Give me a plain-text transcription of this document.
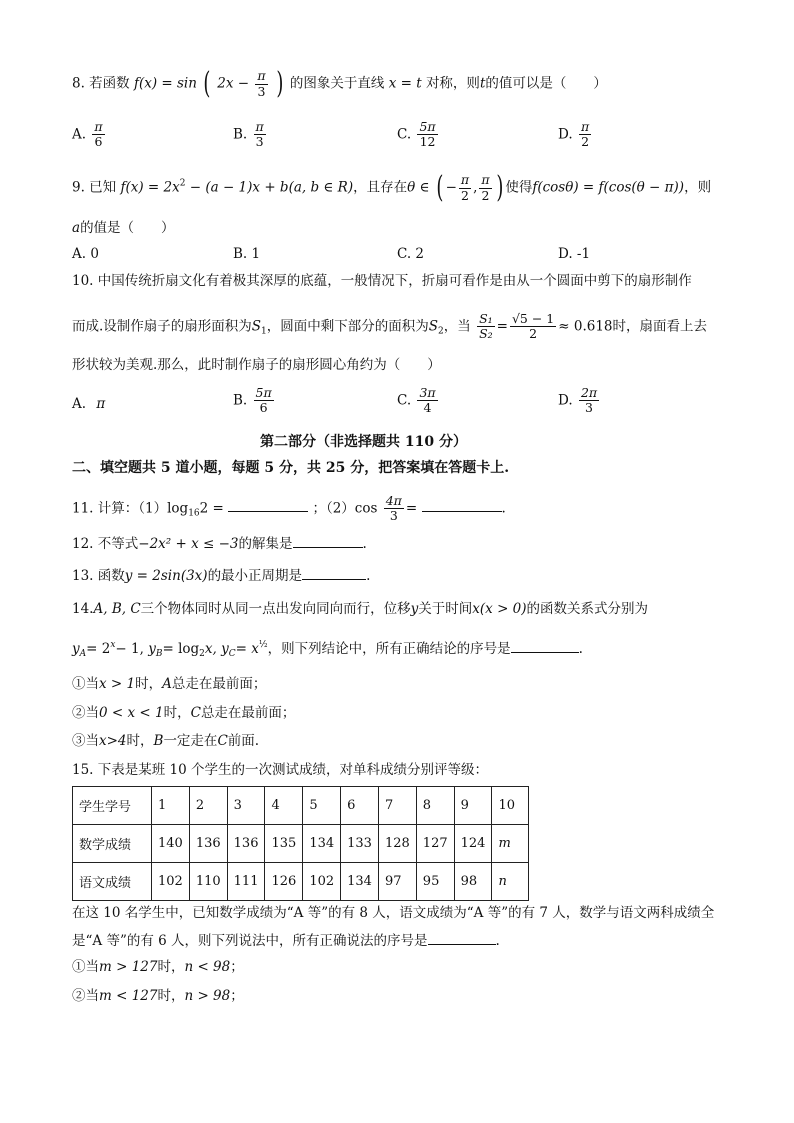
8. 若函数 f(x) = sin ( $2x - \frac{\pi}{3}$ ) 的图象关于直线 x = t 对称，则t的值可以是（　　）
A. $\frac{\pi}{6}$	B. $\frac{\pi}{3}$	C. $\frac{5\pi}{12}$	D. $\frac{\pi}{2}$
9. 已知 $f(x) = 2x^2 - (a - 1)x + b(a$, b ∈ R)，且存在θ ∈ ( − $\frac{\pi}{2}$ , $\frac{\pi}{2}$ ) 使得f(cosθ) = f(cos(θ − π))，则
a的值是（　　）
A. 0	B. 1	C. 2	D. -1
10. 中国传统折扇文化有着极其深厚的底蕴，一般情况下，折扇可看作是由从一个圆面中剪下的扇形制作
而成.设制作扇子的扇形面积为$S_1$，圆面中剩下部分的面积为$S_2$，当 $\frac{\text{S₁}}{\text{S₂}} = \frac{√5 - 1}{2} \approx 0.618$时，扇面看上去
形状较为美观.那么，此时制作扇子的扇形圆心角约为（　　）
A. π	B. $\frac{5\pi}{6}$	C. $\frac{3\pi}{4}$	D. $\frac{2\pi}{3}$
第二部分（非选择题共 110 分）
二、填空题共 5 道小题，每题 5 分，共 25 分，把答案填在答题卡上.
11. 计算：$(1)\log_{16}2$ =	；$(2)\cos \frac{4\pi}{3}$ =	.
12. 不等式−2x² + x ≤ −3的解集是	.
13. 函数y = 2sin(3x)的最小正周期是	.
14.A, B, C三个物体同时从同一点出发向同向而行，位移y关于时间x(x > 0)的函数关系式分别为
$y_A= 2^x- 1$, $y_B= \log_2x$, $y_C= x^{\frac{1}{2}}$，则下列结论中，所有正确结论的序号是	.
①当x > 1时，A总走在最前面；
②当0 < x < 1时，C总走在最前面；
③当x>4时，B一定走在C前面.
15. 下表是某班 10 个学生的一次测试成绩，对单科成绩分别评等级：
学生学号	1	2	3	4	5	6	7	8	9	10
数学成绩	140	136	136	135	134	133	128	127	124	m
语文成绩	102	110	111	126	102	134	97	95	98	n
在这 10 名学生中，已知数学成绩为“A 等”的有 8 人，语文成绩为“A 等”的有 7 人，数学与语文两科成绩全
是“A 等”的有 6 人，则下列说法中，所有正确说法的序号是	.
①当m > 127时，n < 98；
②当m < 127时，n > 98；
